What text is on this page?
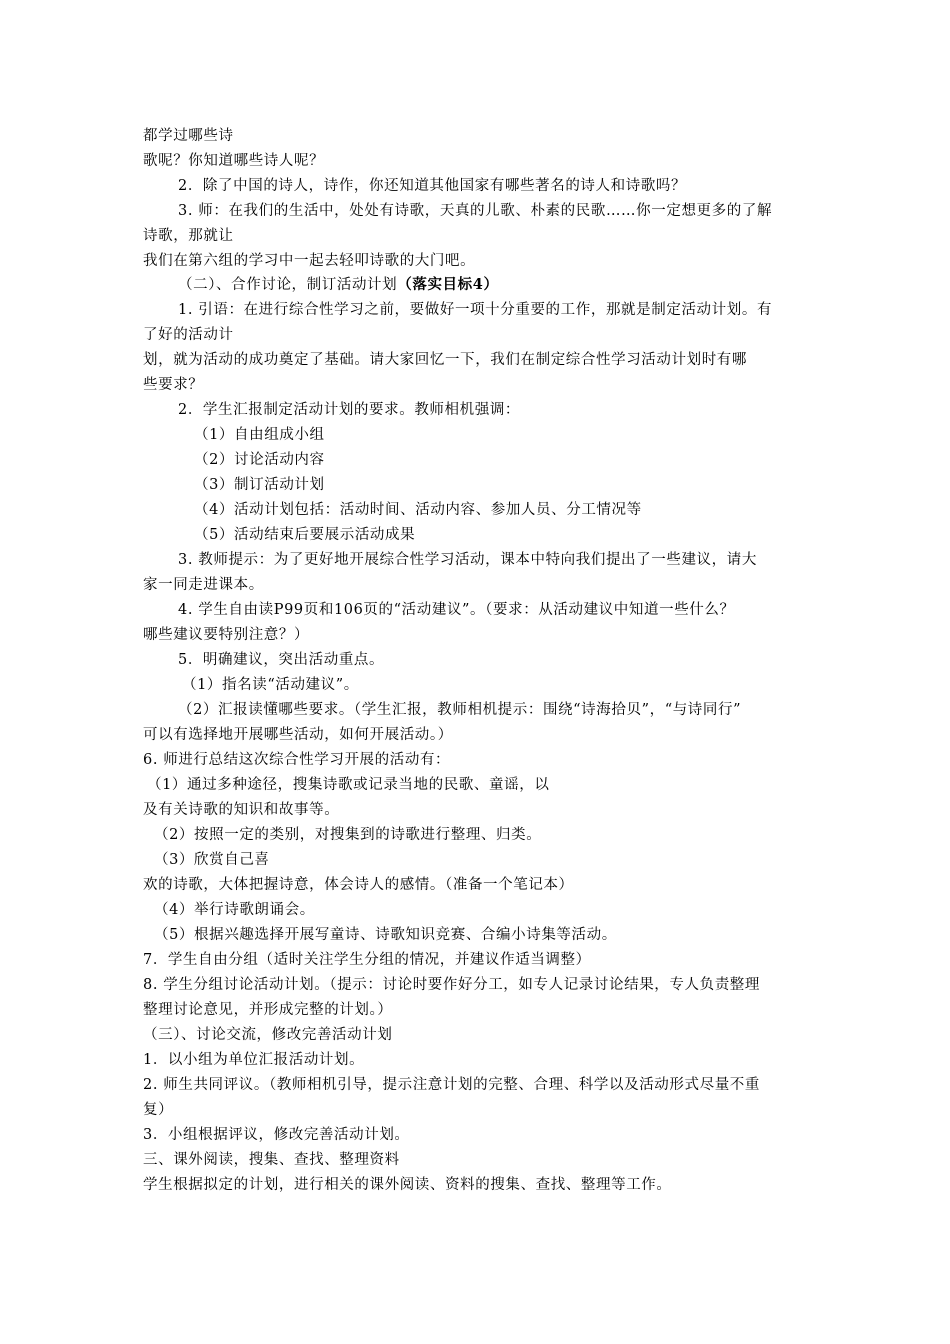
都学过哪些诗
歌呢？你知道哪些诗人呢？
2．除了中国的诗人，诗作，你还知道其他国家有哪些著名的诗人和诗歌吗？
3. 师：在我们的生活中，处处有诗歌，天真的儿歌、朴素的民歌……你一定想更多的了解
诗歌，那就让
我们在第六组的学习中一起去轻叩诗歌的大门吧。
（二）、合作讨论，制订活动计划（落实目标4）
1. 引语：在进行综合性学习之前，要做好一项十分重要的工作，那就是制定活动计划。有
了好的活动计
划，就为活动的成功奠定了基础。请大家回忆一下，我们在制定综合性学习活动计划时有哪
些要求？
2．学生汇报制定活动计划的要求。教师相机强调：
（1）自由组成小组
（2）讨论活动内容
（3）制订活动计划
（4）活动计划包括：活动时间、活动内容、参加人员、分工情况等
（5）活动结束后要展示活动成果
3. 教师提示：为了更好地开展综合性学习活动，课本中特向我们提出了一些建议，请大
家一同走进课本。
4. 学生自由读P99页和106页的“活动建议”。（要求：从活动建议中知道一些什么？
哪些建议要特别注意？）
5．明确建议，突出活动重点。
（1）指名读“活动建议”。
（2）汇报读懂哪些要求。（学生汇报，教师相机提示：围绕“诗海拾贝”，“与诗同行”
可以有选择地开展哪些活动，如何开展活动。）
6. 师进行总结这次综合性学习开展的活动有：
（1）通过多种途径，搜集诗歌或记录当地的民歌、童谣，以
及有关诗歌的知识和故事等。
（2）按照一定的类别，对搜集到的诗歌进行整理、归类。
（3）欣赏自己喜
欢的诗歌，大体把握诗意，体会诗人的感情。（准备一个笔记本）
（4）举行诗歌朗诵会。
（5）根据兴趣选择开展写童诗、诗歌知识竞赛、合编小诗集等活动。
7．学生自由分组（适时关注学生分组的情况，并建议作适当调整）
8. 学生分组讨论活动计划。（提示：讨论时要作好分工，如专人记录讨论结果，专人负责整理
整理讨论意见，并形成完整的计划。）
（三）、讨论交流，修改完善活动计划
1．以小组为单位汇报活动计划。
2. 师生共同评议。（教师相机引导，提示注意计划的完整、合理、科学以及活动形式尽量不重
复）
3．小组根据评议，修改完善活动计划。
三、课外阅读，搜集、查找、整理资料
学生根据拟定的计划，进行相关的课外阅读、资料的搜集、查找、整理等工作。
